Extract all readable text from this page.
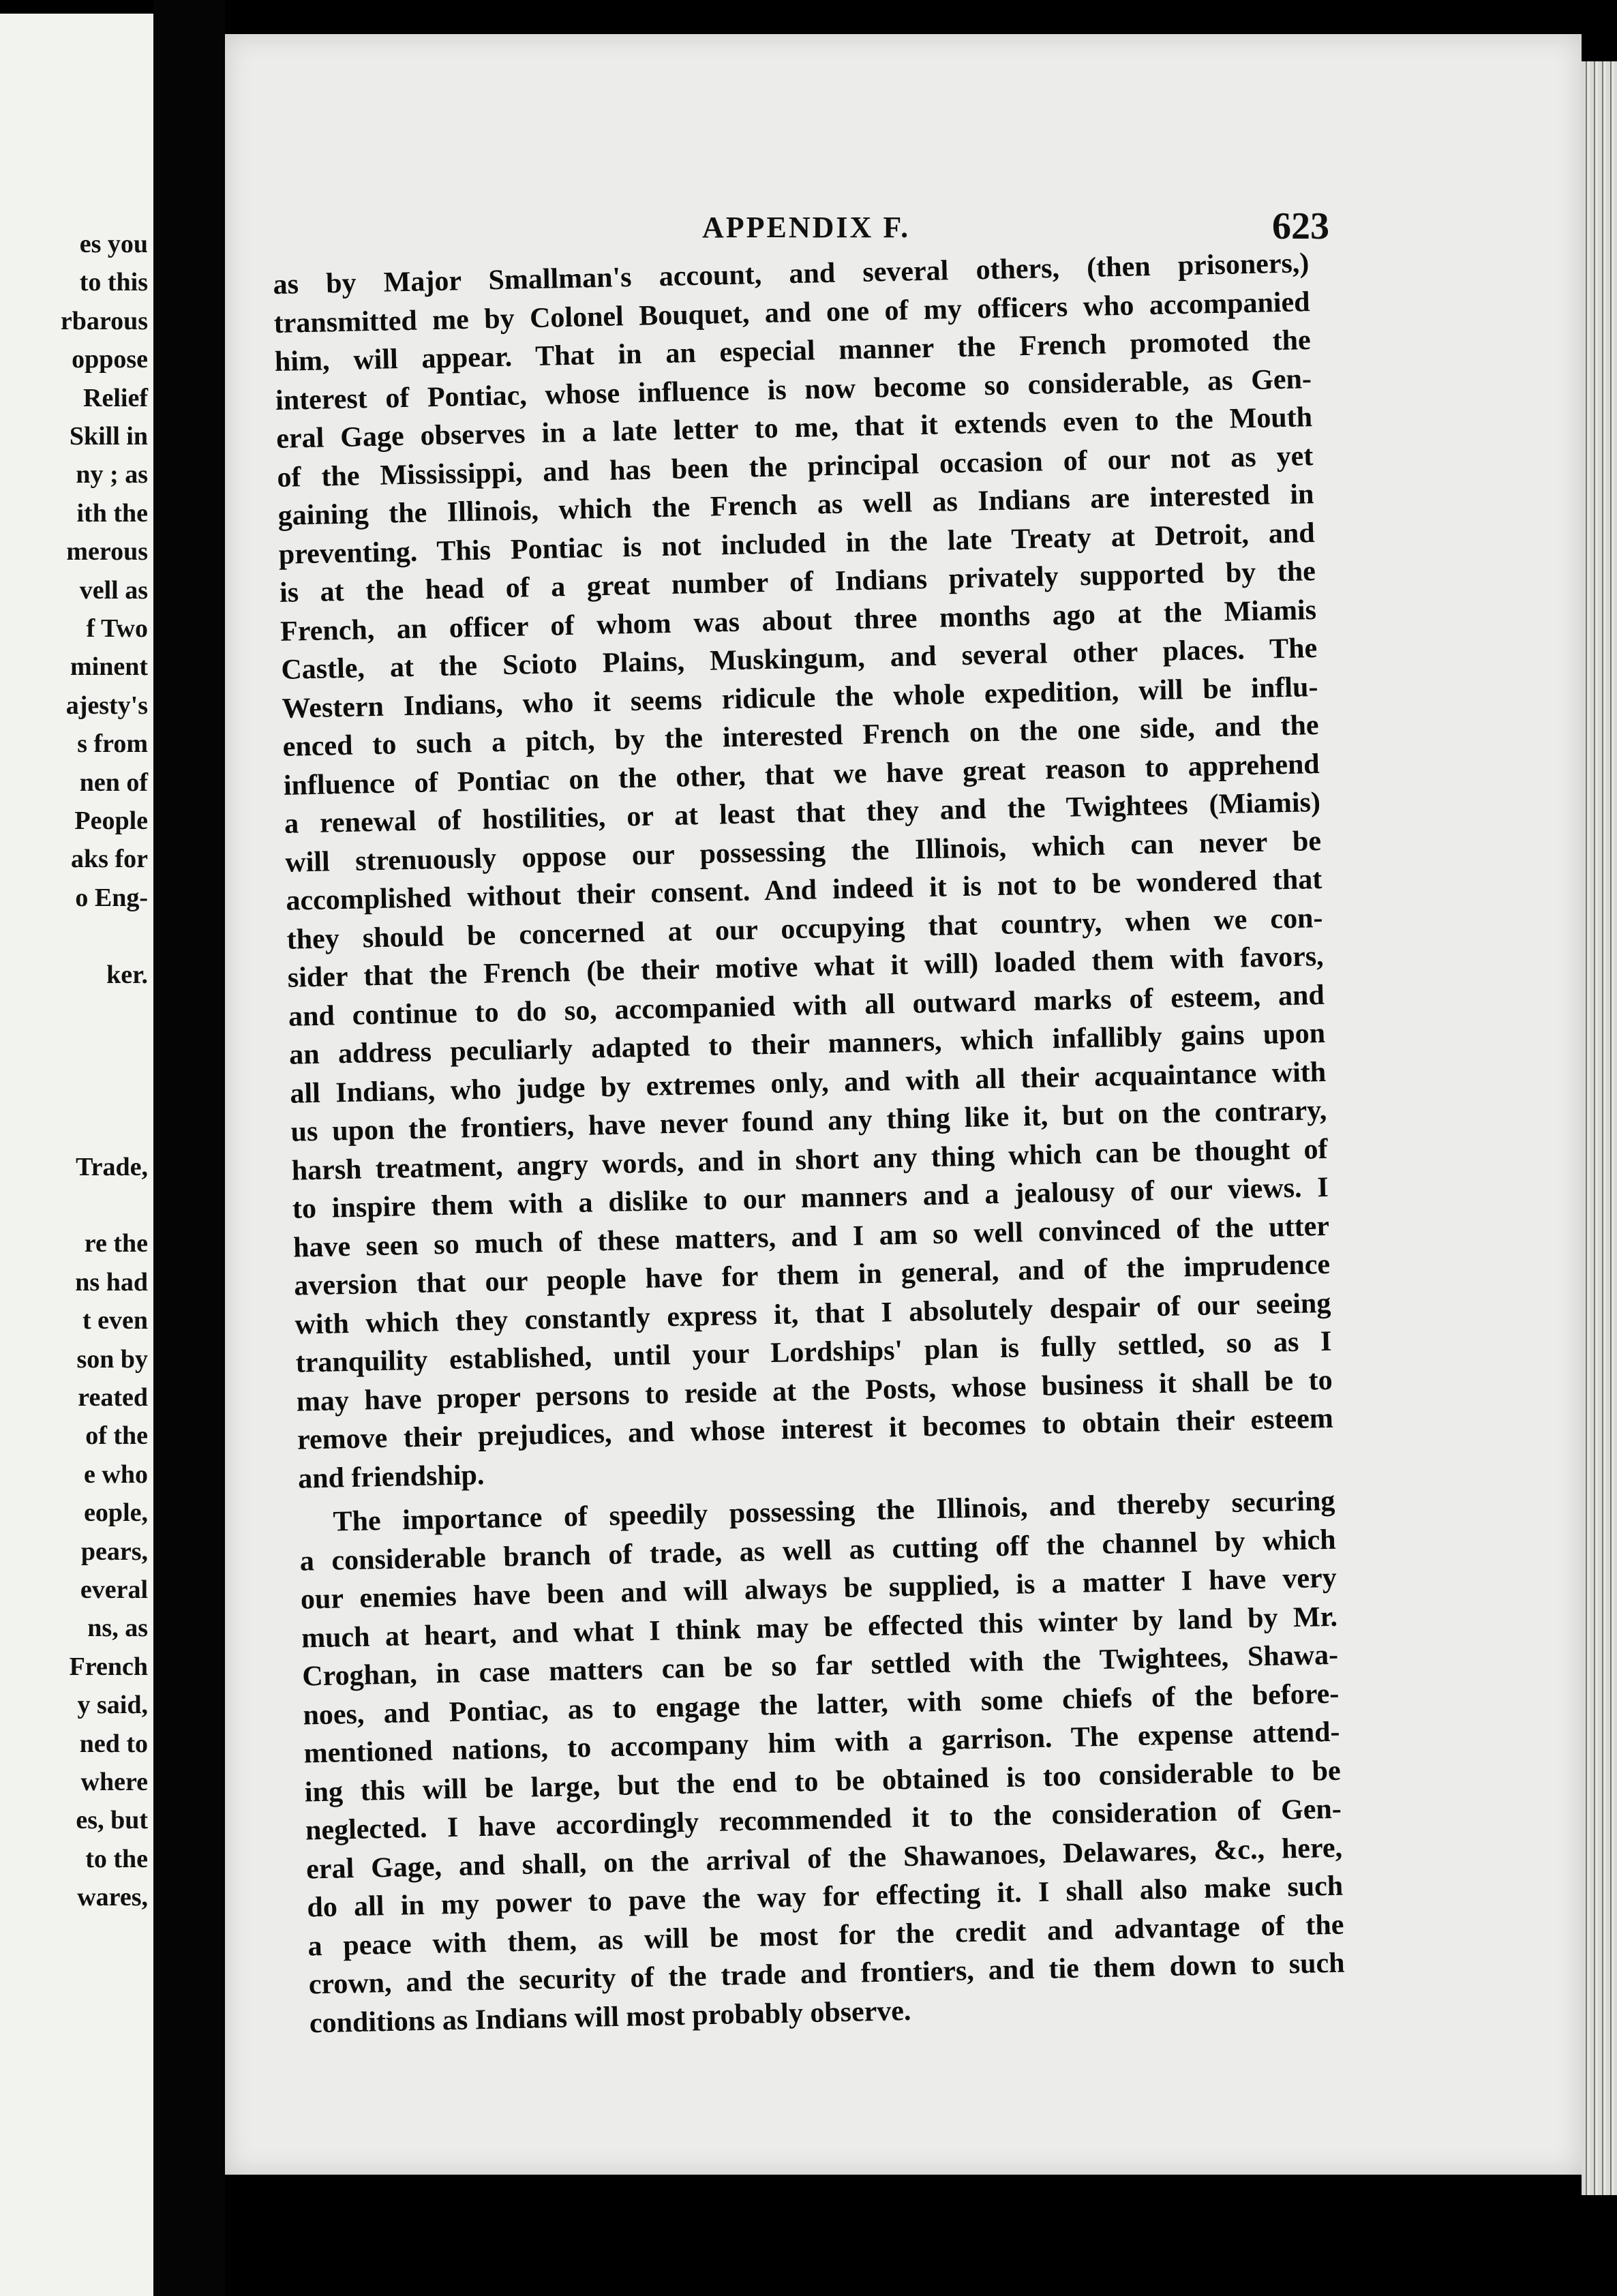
es you
to this
rbarous
oppose
Relief
Skill in
ny ; as
ith the
merous
vell as
f Two
minent
ajesty's
s from
nen of
People
aks for
o Eng-
ker.
Trade,
re the
ns had
t even
son by
reated
of the
e who
eople,
pears,
everal
ns, as
French
y said,
ned to
where
es, but
to the
wares,
APPENDIX F.	623

as by Major Smallman's account, and several others, (then prisoners,)

transmitted me by Colonel Bouquet, and one of my officers who accompanied

him, will appear. That in an especial manner the French promoted the

interest of Pontiac, whose influence is now become so considerable, as Gen-

eral Gage observes in a late letter to me, that it extends even to the Mouth

of the Mississippi, and has been the principal occasion of our not as yet

gaining the Illinois, which the French as well as Indians are interested in

preventing. This Pontiac is not included in the late Treaty at Detroit, and

is at the head of a great number of Indians privately supported by the

French, an officer of whom was about three months ago at the Miamis

Castle, at the Scioto Plains, Muskingum, and several other places. The

Western Indians, who it seems ridicule the whole expedition, will be influ-

enced to such a pitch, by the interested French on the one side, and the

influence of Pontiac on the other, that we have great reason to apprehend

a renewal of hostilities, or at least that they and the Twightees (Miamis)

will strenuously oppose our possessing the Illinois, which can never be

accomplished without their consent. And indeed it is not to be wondered that

they should be concerned at our occupying that country, when we con-

sider that the French (be their motive what it will) loaded them with favors,

and continue to do so, accompanied with all outward marks of esteem, and

an address peculiarly adapted to their manners, which infallibly gains upon

all Indians, who judge by extremes only, and with all their acquaintance with

us upon the frontiers, have never found any thing like it, but on the contrary,

harsh treatment, angry words, and in short any thing which can be thought of

to inspire them with a dislike to our manners and a jealousy of our views. I

have seen so much of these matters, and I am so well convinced of the utter

aversion that our people have for them in general, and of the imprudence

with which they constantly express it, that I absolutely despair of our seeing

tranquility established, until your Lordships' plan is fully settled, so as I

may have proper persons to reside at the Posts, whose business it shall be to

remove their prejudices, and whose interest it becomes to obtain their esteem

and friendship.

The importance of speedily possessing the Illinois, and thereby securing

a considerable branch of trade, as well as cutting off the channel by which

our enemies have been and will always be supplied, is a matter I have very

much at heart, and what I think may be effected this winter by land by Mr.

Croghan, in case matters can be so far settled with the Twightees, Shawa-

noes, and Pontiac, as to engage the latter, with some chiefs of the before-

mentioned nations, to accompany him with a garrison. The expense attend-

ing this will be large, but the end to be obtained is too considerable to be

neglected. I have accordingly recommended it to the consideration of Gen-

eral Gage, and shall, on the arrival of the Shawanoes, Delawares, &c., here,

do all in my power to pave the way for effecting it. I shall also make such

a peace with them, as will be most for the credit and advantage of the

crown, and the security of the trade and frontiers, and tie them down to such

conditions as Indians will most probably observe.
